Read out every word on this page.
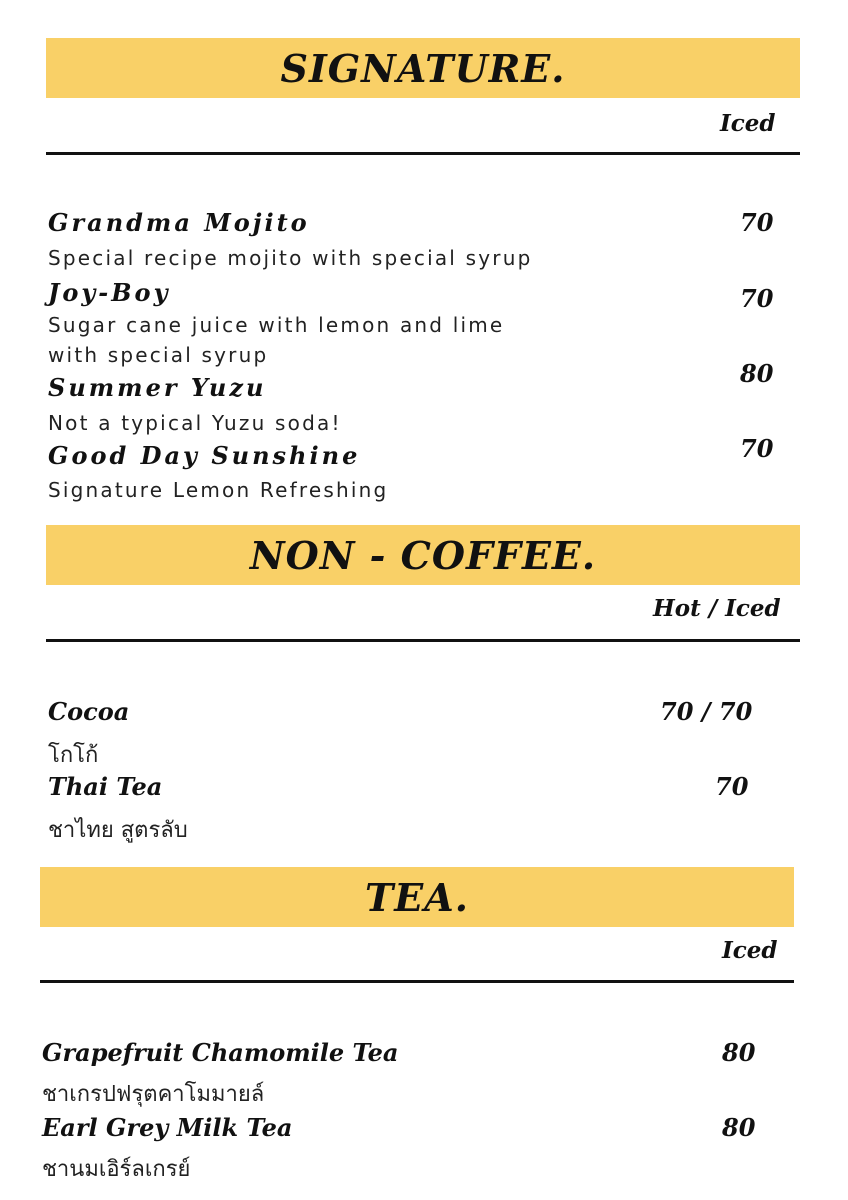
SIGNATURE.
Iced
Grandma Mojito	70
Special recipe mojito with special syrup
Joy-Boy	70
Sugar cane juice with lemon and lime
with special syrup
Summer Yuzu	80
Not a typical Yuzu soda!
Good Day Sunshine	70
Signature Lemon Refreshing
NON - COFFEE.
Hot / Iced
Cocoa	70 / 70
โกโก้
Thai Tea	70
ชาไทย สูตรลับ
TEA.
Iced
Grapefruit Chamomile Tea	80
ชาเกรปฟรุตคาโมมายล์
Earl Grey Milk Tea	80
ชานมเอิร์ลเกรย์
